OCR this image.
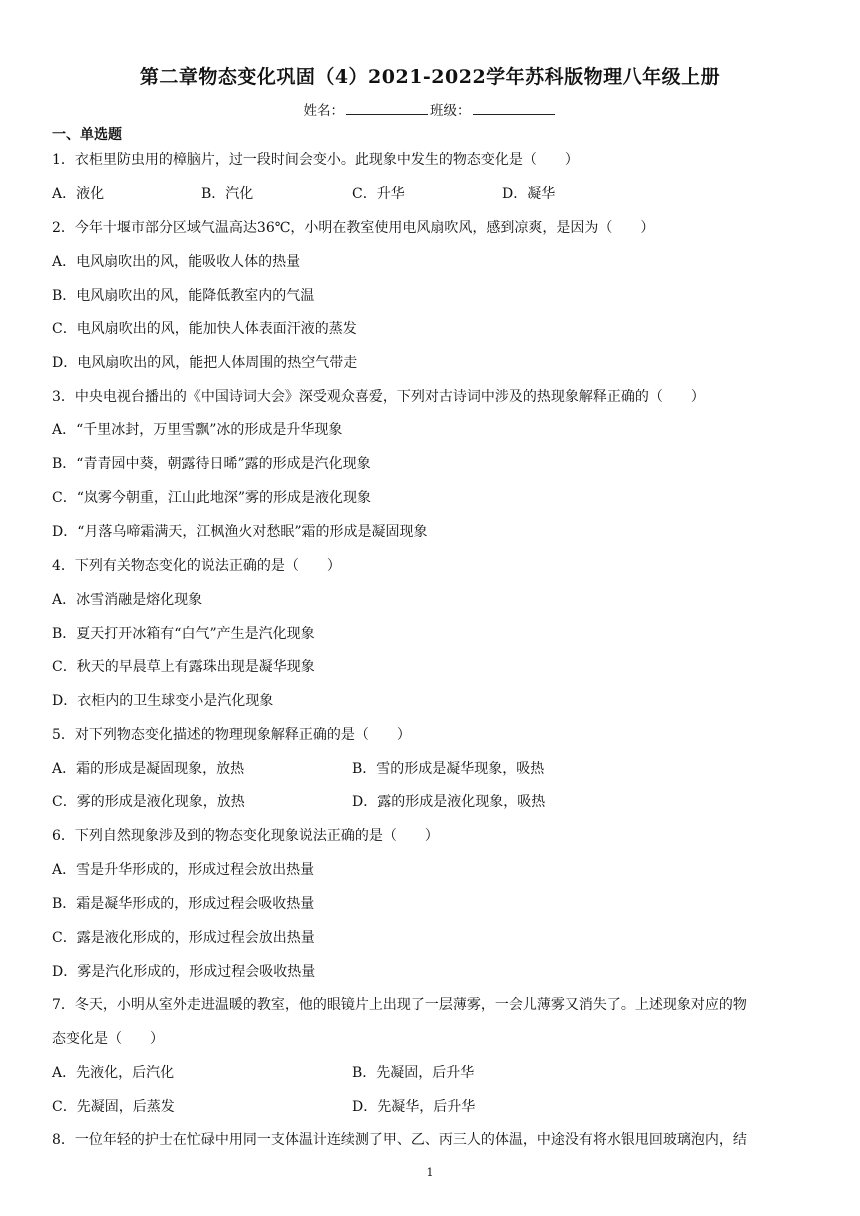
第二章物态变化巩固（4）2021-2022学年苏科版物理八年级上册
姓名：	班级：
一、单选题
1．衣柜里防虫用的樟脑片，过一段时间会变小。此现象中发生的物态变化是（　　）
A．液化	B．汽化	C．升华	D．凝华
2．今年十堰市部分区域气温高达36℃，小明在教室使用电风扇吹风，感到凉爽，是因为（　　）
A．电风扇吹出的风，能吸收人体的热量
B．电风扇吹出的风，能降低教室内的气温
C．电风扇吹出的风，能加快人体表面汗液的蒸发
D．电风扇吹出的风，能把人体周围的热空气带走
3．中央电视台播出的《中国诗词大会》深受观众喜爱，下列对古诗词中涉及的热现象解释正确的（　　）
A．“千里冰封，万里雪飘”冰的形成是升华现象
B．“青青园中葵，朝露待日晞”露的形成是汽化现象
C．“岚雾今朝重，江山此地深”雾的形成是液化现象
D．“月落乌啼霜满天，江枫渔火对愁眠”霜的形成是凝固现象
4．下列有关物态变化的说法正确的是（　　）
A．冰雪消融是熔化现象
B．夏天打开冰箱有“白气”产生是汽化现象
C．秋天的早晨草上有露珠出现是凝华现象
D．衣柜内的卫生球变小是汽化现象
5．对下列物态变化描述的物理现象解释正确的是（　　）
A．霜的形成是凝固现象，放热	B．雪的形成是凝华现象，吸热
C．雾的形成是液化现象，放热	D．露的形成是液化现象，吸热
6．下列自然现象涉及到的物态变化现象说法正确的是（　　）
A．雪是升华形成的，形成过程会放出热量
B．霜是凝华形成的，形成过程会吸收热量
C．露是液化形成的，形成过程会放出热量
D．雾是汽化形成的，形成过程会吸收热量
7．冬天，小明从室外走进温暖的教室，他的眼镜片上出现了一层薄雾，一会儿薄雾又消失了。上述现象对应的物
态变化是（　　）
A．先液化，后汽化	B．先凝固，后升华
C．先凝固，后蒸发	D．先凝华，后升华
8．一位年轻的护士在忙碌中用同一支体温计连续测了甲、乙、丙三人的体温，中途没有将水银甩回玻璃泡内，结
1
